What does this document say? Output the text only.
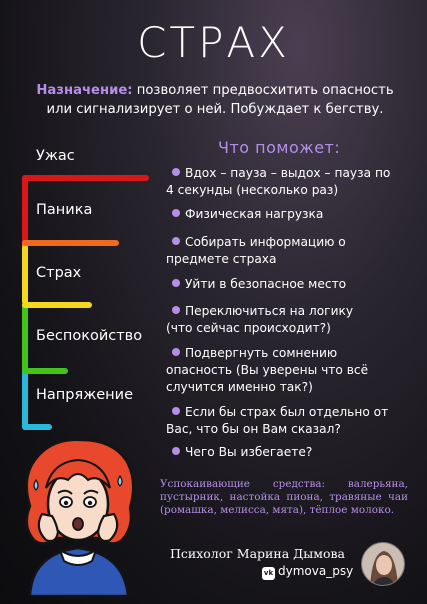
СТРАХ
Назначение: позволяет предвосхитить опасность
или сигнализирует о ней. Побуждает к бегству.
Ужас
Паника
Страх
Беспокойство
Напряжение
Что поможет:
Вдох – пауза – выдох – пауза по
4 секунды (несколько раз)
Физическая нагрузка
Собирать информацию о
предмете страха
Уйти в безопасное место
Переключиться на логику
(что сейчас происходит?)
Подвергнуть сомнению
опасность (Вы уверены что всё
случится именно так?)
Если бы страх был отдельно от
Вас, что бы он Вам сказал?
Чего Вы избегаете?
Успокаивающие средства: валерьяна, пустырник, настойка пиона, травяные чаи (ромашка, мелисса, мята), тёплое молоко.
Психолог Марина Дымова
vk dymova_psy
